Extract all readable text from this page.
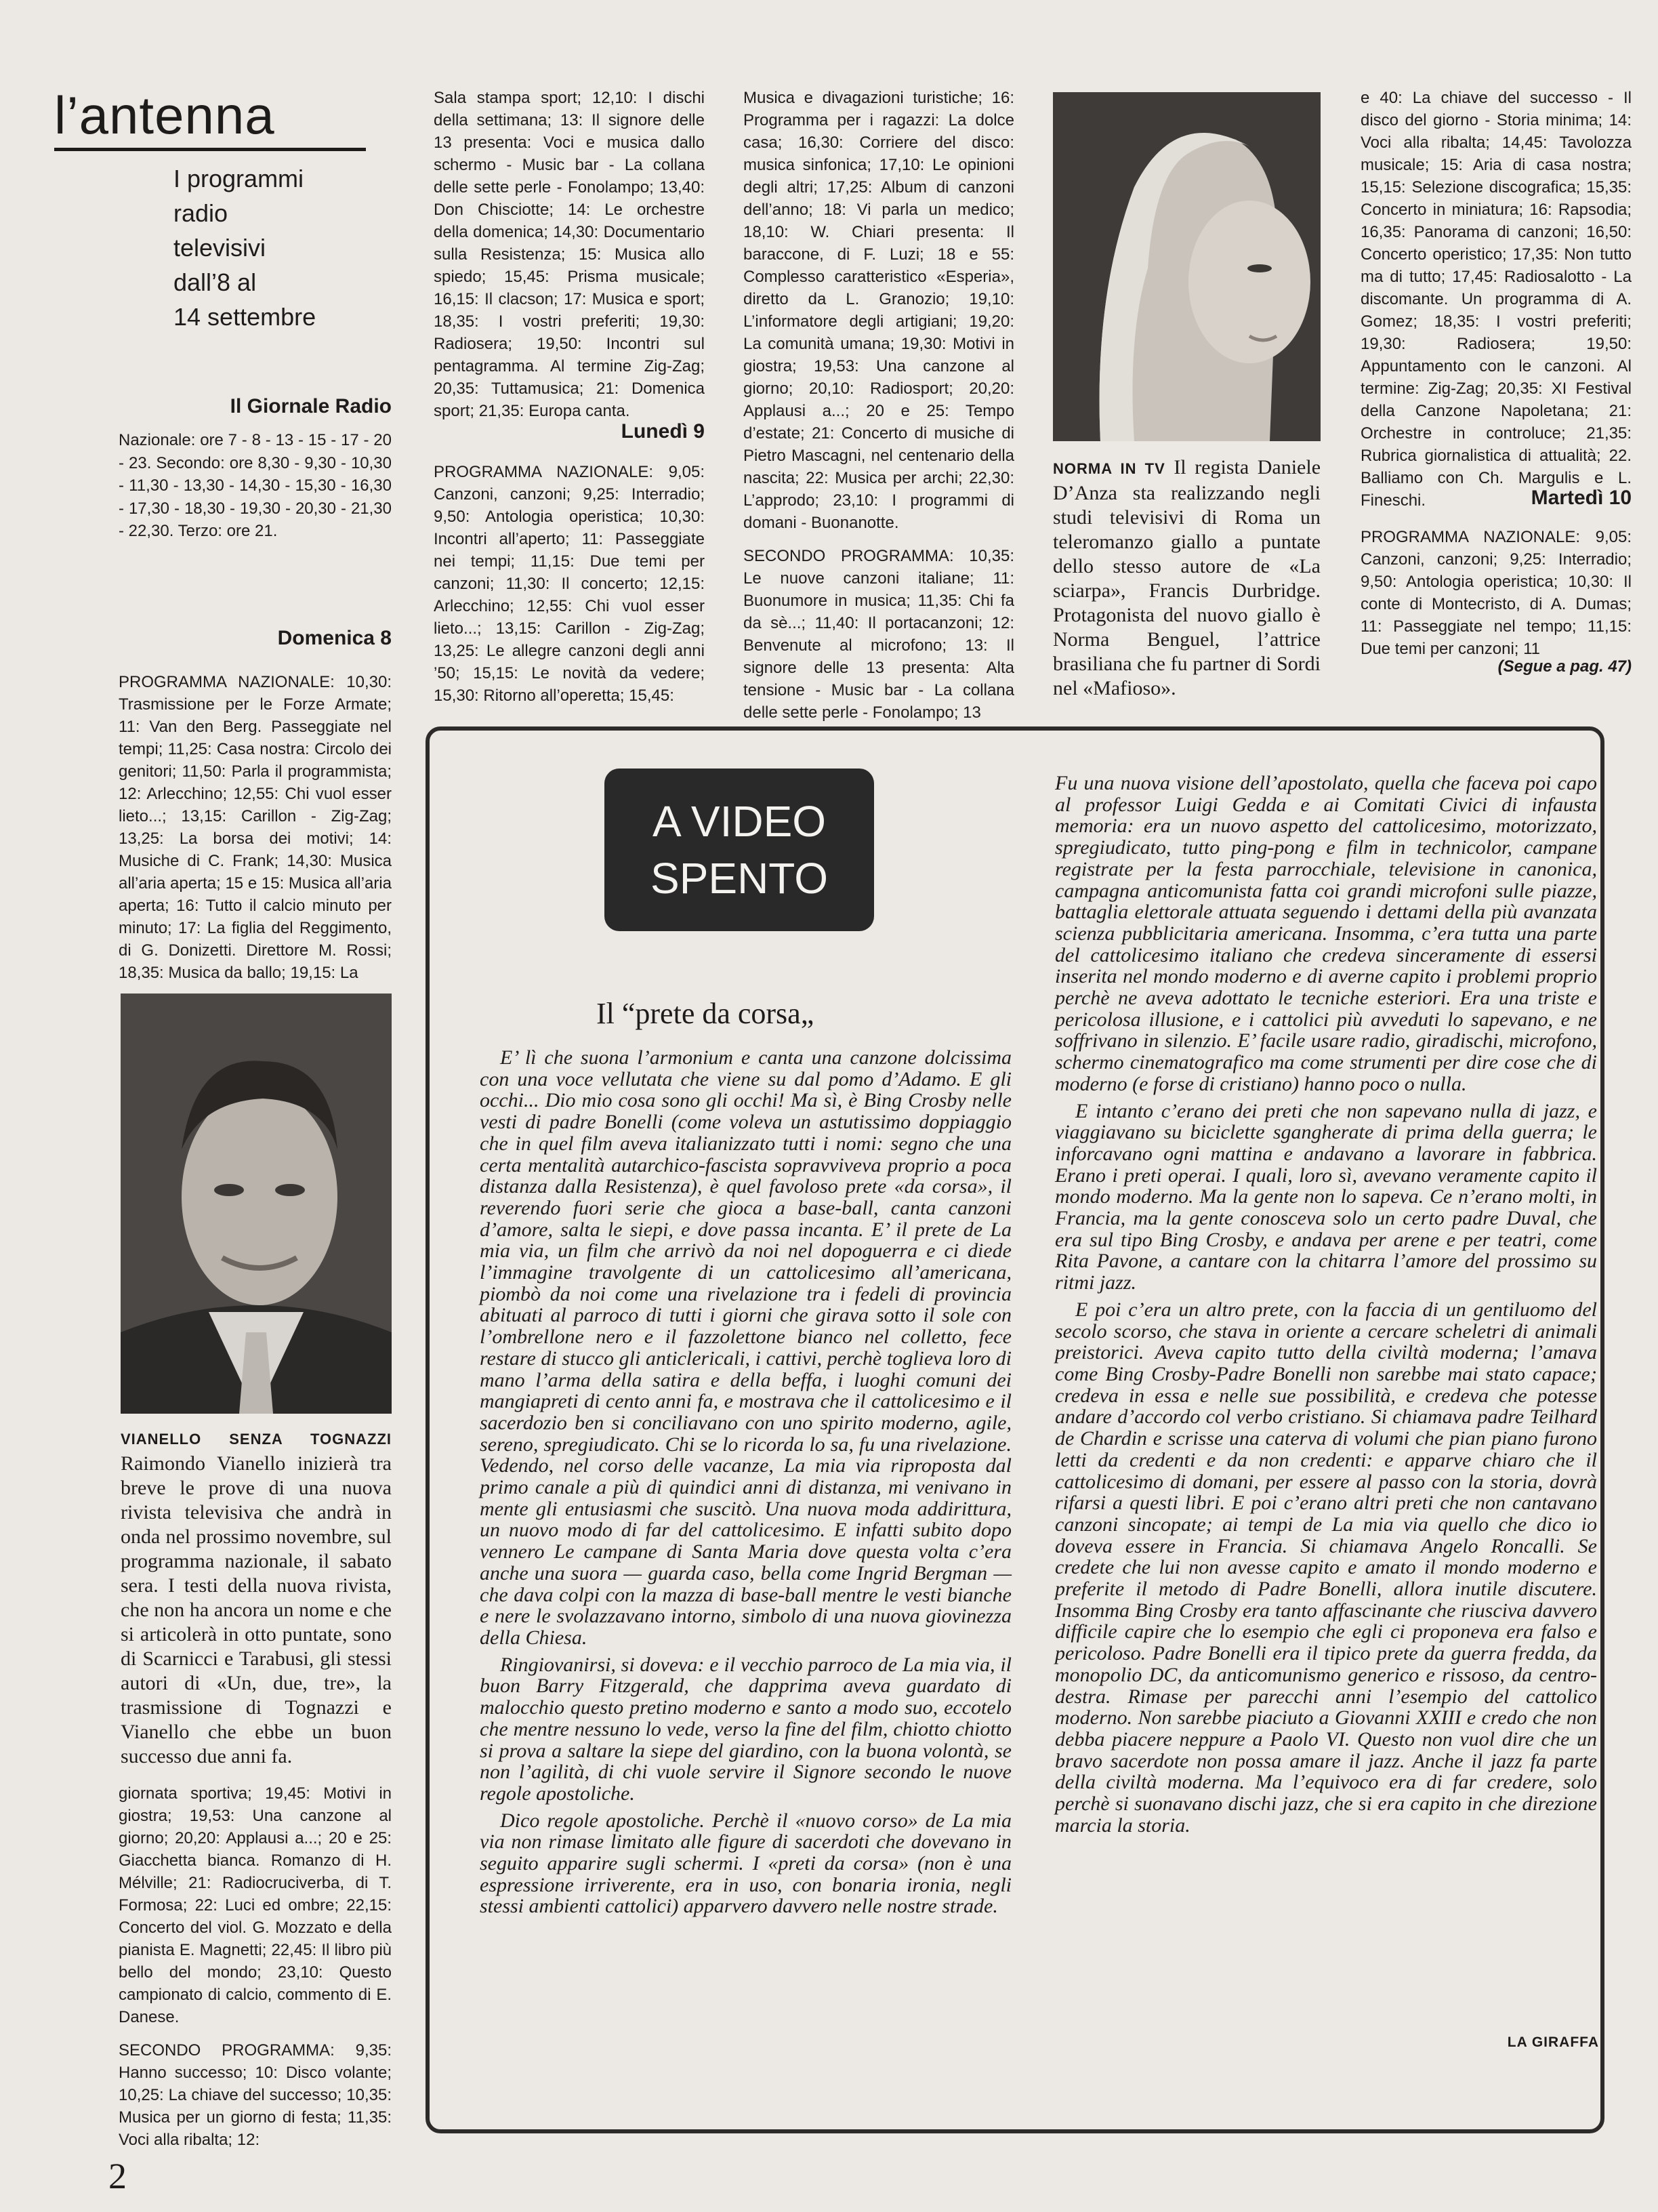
l’antenna
I programmi
radio
televisivi
dall’8 al
14 settembre
Il Giornale Radio
Nazionale: ore 7 - 8 - 13 - 15 - 17 - 20 - 23. Secondo: ore 8,30 - 9,30 - 10,30 - 11,30 - 13,30 - 14,30 - 15,30 - 16,30 - 17,30 - 18,30 - 19,30 - 20,30 - 21,30 - 22,30. Terzo: ore 21.
Domenica 8
PROGRAMMA NAZIONALE: 10,30: Trasmissione per le Forze Armate; 11: Van den Berg. Passeggiate nel tempi; 11,25: Casa nostra: Circolo dei genitori; 11,50: Parla il programmista; 12: Arlecchino; 12,55: Chi vuol esser lieto...; 13,15: Carillon - Zig-Zag; 13,25: La borsa dei motivi; 14: Musiche di C. Frank; 14,30: Musica all’aria aperta; 15 e 15: Musica all’aria aperta; 16: Tutto il calcio minuto per minuto; 17: La figlia del Reggimento, di G. Donizetti. Direttore M. Rossi; 18,35: Musica da ballo; 19,15: La
VIANELLO SENZA TOGNAZZI Raimondo Vianello inizierà tra breve le prove di una nuova rivista televisiva che andrà in onda nel prossimo novembre, sul programma nazionale, il sabato sera. I testi della nuova rivista, che non ha ancora un nome e che si articolerà in otto puntate, sono di Scarnicci e Tarabusi, gli stessi autori di «Un, due, tre», la trasmissione di Tognazzi e Vianello che ebbe un buon successo due anni fa.

giornata sportiva; 19,45: Motivi in giostra; 19,53: Una canzone al giorno; 20,20: Applausi a...; 20 e 25: Giacchetta bianca. Romanzo di H. Mélville; 21: Radiocruciverba, di T. Formosa; 22: Luci ed ombre; 22,15: Concerto del viol. G. Mozzato e della pianista E. Magnetti; 22,45: Il libro più bello del mondo; 23,10: Questo campionato di calcio, commento di E. Danese.

SECONDO PROGRAMMA: 9,35: Hanno successo; 10: Disco volante; 10,25: La chiave del successo; 10,35: Musica per un giorno di festa; 11,35: Voci alla ribalta; 12:

Sala stampa sport; 12,10: I dischi della settimana; 13: Il signore delle 13 presenta: Voci e musica dallo schermo - Music bar - La collana delle sette perle - Fonolampo; 13,40: Don Chisciotte; 14: Le orchestre della domenica; 14,30: Documentario sulla Resistenza; 15: Musica allo spiedo; 15,45: Prisma musicale; 16,15: Il clacson; 17: Musica e sport; 18,35: I vostri preferiti; 19,30: Radiosera; 19,50: Incontri sul pentagramma. Al termine Zig-Zag; 20,35: Tuttamusica; 21: Domenica sport; 21,35: Europa canta.
Lunedì 9
PROGRAMMA NAZIONALE: 9,05: Canzoni, canzoni; 9,25: Interradio; 9,50: Antologia operistica; 10,30: Incontri all’aperto; 11: Passeggiate nei tempi; 11,15: Due temi per canzoni; 11,30: Il concerto; 12,15: Arlecchino; 12,55: Chi vuol esser lieto...; 13,15: Carillon - Zig-Zag; 13,25: Le allegre canzoni degli anni ’50; 15,15: Le novità da vedere; 15,30: Ritorno all’operetta; 15,45:

Musica e divagazioni turistiche; 16: Programma per i ragazzi: La dolce casa; 16,30: Corriere del disco: musica sinfonica; 17,10: Le opinioni degli altri; 17,25: Album di canzoni dell’anno; 18: Vi parla un medico; 18,10: W. Chiari presenta: Il baraccone, di F. Luzi; 18 e 55: Complesso caratteristico «Esperia», diretto da L. Granozio; 19,10: L’informatore degli artigiani; 19,20: La comunità umana; 19,30: Motivi in giostra; 19,53: Una canzone al giorno; 20,10: Radiosport; 20,20: Applausi a...; 20 e 25: Tempo d’estate; 21: Concerto di musiche di Pietro Mascagni, nel centenario della nascita; 22: Musica per archi; 22,30: L’approdo; 23,10: I programmi di domani - Buonanotte.

SECONDO PROGRAMMA: 10,35: Le nuove canzoni italiane; 11: Buonumore in musica; 11,35: Chi fa da sè...; 11,40: Il portacanzoni; 12: Benvenute al microfono; 13: Il signore delle 13 presenta: Alta tensione - Music bar - La collana delle sette perle - Fonolampo; 13

NORMA IN TV Il regista Daniele D’Anza sta realizzando negli studi televisivi di Roma un teleromanzo giallo a puntate dello stesso autore de «La sciarpa», Francis Durbridge. Protagonista del nuovo giallo è Norma Benguel, l’attrice brasiliana che fu partner di Sordi nel «Mafioso».
e 40: La chiave del successo - Il disco del giorno - Storia minima; 14: Voci alla ribalta; 14,45: Tavolozza musicale; 15: Aria di casa nostra; 15,15: Selezione discografica; 15,35: Concerto in miniatura; 16: Rapsodia; 16,35: Panorama di canzoni; 16,50: Concerto operistico; 17,35: Non tutto ma di tutto; 17,45: Radiosalotto - La discomante. Un programma di A. Gomez; 18,35: I vostri preferiti; 19,30: Radiosera; 19,50: Appuntamento con le canzoni. Al termine: Zig-Zag; 20,35: XI Festival della Canzone Napoletana; 21: Orchestre in controluce; 21,35: Rubrica giornalistica di attualità; 22. Balliamo con Ch. Margulis e L. Fineschi.	Martedì 10
PROGRAMMA NAZIONALE: 9,05: Canzoni, canzoni; 9,25: Interradio; 9,50: Antologia operistica; 10,30: Il conte di Montecristo, di A. Dumas; 11: Passeggiate nel tempo; 11,15: Due temi per canzoni; 11
(Segue a pag. 47)
A VIDEO
SPENTO
Il “prete da corsa„

E’ lì che suona l’armonium e canta una canzone dolcissima con una voce vellutata che viene su dal pomo d’Adamo. E gli occhi... Dio mio cosa sono gli occhi! Ma sì, è Bing Crosby nelle vesti di padre Bonelli (come voleva un astutissimo doppiaggio che in quel film aveva italianizzato tutti i nomi: segno che una certa mentalità autarchico-fascista sopravviveva proprio a poca distanza dalla Resistenza), è quel favoloso prete «da corsa», il reverendo fuori serie che gioca a base-ball, canta canzoni d’amore, salta le siepi, e dove passa incanta. E’ il prete de La mia via, un film che arrivò da noi nel dopoguerra e ci diede l’immagine travolgente di un cattolicesimo all’americana, piombò da noi come una rivelazione tra i fedeli di provincia abituati al parroco di tutti i giorni che girava sotto il sole con l’ombrellone nero e il fazzolettone bianco nel colletto, fece restare di stucco gli anticlericali, i cattivi, perchè toglieva loro di mano l’arma della satira e della beffa, i luoghi comuni dei mangiapreti di cento anni fa, e mostrava che il cattolicesimo e il sacerdozio ben si conciliavano con uno spirito moderno, agile, sereno, spregiudicato. Chi se lo ricorda lo sa, fu una rivelazione. Vedendo, nel corso delle vacanze, La mia via riproposta dal primo canale a più di quindici anni di distanza, mi venivano in mente gli entusiasmi che suscitò. Una nuova moda addirittura, un nuovo modo di far del cattolicesimo. E infatti subito dopo vennero Le campane di Santa Maria dove questa volta c’era anche una suora — guarda caso, bella come Ingrid Bergman — che dava colpi con la mazza di base-ball mentre le vesti bianche e nere le svolazzavano intorno, simbolo di una nuova giovinezza della Chiesa.

Ringiovanirsi, si doveva: e il vecchio parroco de La mia via, il buon Barry Fitzgerald, che dapprima aveva guardato di malocchio questo pretino moderno e santo a modo suo, eccotelo che mentre nessuno lo vede, verso la fine del film, chiotto chiotto si prova a saltare la siepe del giardino, con la buona volontà, se non l’agilità, di chi vuole servire il Signore secondo le nuove regole apostoliche.

Dico regole apostoliche. Perchè il «nuovo corso» de La mia via non rimase limitato alle figure di sacerdoti che dovevano in seguito apparire sugli schermi. I «preti da corsa» (non è una espressione irriverente, era in uso, con bonaria ironia, negli stessi ambienti cattolici) apparvero davvero nelle nostre strade.

Fu una nuova visione dell’apostolato, quella che faceva poi capo al professor Luigi Gedda e ai Comitati Civici di infausta memoria: era un nuovo aspetto del cattolicesimo, motorizzato, spregiudicato, tutto ping-pong e film in technicolor, campane registrate per la festa parrocchiale, televisione in canonica, campagna anticomunista fatta coi grandi microfoni sulle piazze, battaglia elettorale attuata seguendo i dettami della più avanzata scienza pubblicitaria americana. Insomma, c’era tutta una parte del cattolicesimo italiano che credeva sinceramente di essersi inserita nel mondo moderno e di averne capito i problemi proprio perchè ne aveva adottato le tecniche esteriori. Era una triste e pericolosa illusione, e i cattolici più avveduti lo sapevano, e ne soffrivano in silenzio. E’ facile usare radio, giradischi, microfono, schermo cinematografico ma come strumenti per dire cose che di moderno (e forse di cristiano) hanno poco o nulla.

E intanto c’erano dei preti che non sapevano nulla di jazz, e viaggiavano su biciclette sgangherate di prima della guerra; le inforcavano ogni mattina e andavano a lavorare in fabbrica. Erano i preti operai. I quali, loro sì, avevano veramente capito il mondo moderno. Ma la gente non lo sapeva. Ce n’erano molti, in Francia, ma la gente conosceva solo un certo padre Duval, che era sul tipo Bing Crosby, e andava per arene e per teatri, come Rita Pavone, a cantare con la chitarra l’amore del prossimo su ritmi jazz.

E poi c’era un altro prete, con la faccia di un gentiluomo del secolo scorso, che stava in oriente a cercare scheletri di animali preistorici. Aveva capito tutto della civiltà moderna; l’amava come Bing Crosby-Padre Bonelli non sarebbe mai stato capace; credeva in essa e nelle sue possibilità, e credeva che potesse andare d’accordo col verbo cristiano. Si chiamava padre Teilhard de Chardin e scrisse una caterva di volumi che pian piano furono letti da credenti e da non credenti: e apparve chiaro che il cattolicesimo di domani, per essere al passo con la storia, dovrà rifarsi a questi libri. E poi c’erano altri preti che non cantavano canzoni sincopate; ai tempi de La mia via quello che dico io doveva essere in Francia. Si chiamava Angelo Roncalli. Se credete che lui non avesse capito e amato il mondo moderno e preferite il metodo di Padre Bonelli, allora inutile discutere. Insomma Bing Crosby era tanto affascinante che riusciva davvero difficile capire che lo esempio che egli ci proponeva era falso e pericoloso. Padre Bonelli era il tipico prete da guerra fredda, da monopolio DC, da anticomunismo generico e rissoso, da centro-destra. Rimase per parecchi anni l’esempio del cattolico moderno. Non sarebbe piaciuto a Giovanni XXIII e credo che non debba piacere neppure a Paolo VI. Questo non vuol dire che un bravo sacerdote non possa amare il jazz. Anche il jazz fa parte della civiltà moderna. Ma l’equivoco era di far credere, solo perchè si suonavano dischi jazz, che si era capito in che direzione marcia la storia.

LA GIRAFFA
2
